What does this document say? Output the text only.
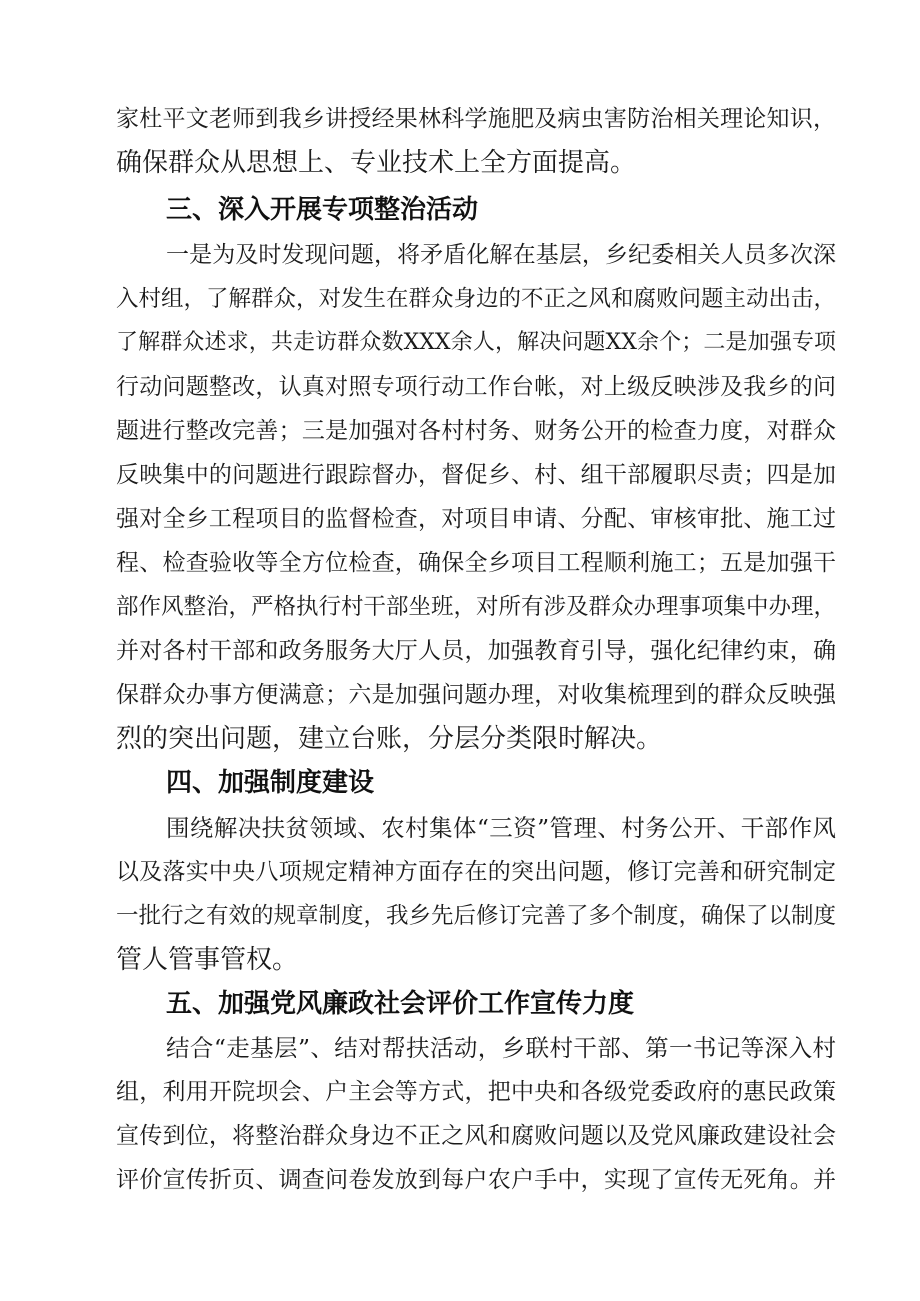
家杜平文老师到我乡讲授经果林科学施肥及病虫害防治相关理论知识，
确保群众从思想上、专业技术上全方面提高。
三、深入开展专项整治活动
一是为及时发现问题，将矛盾化解在基层，乡纪委相关人员多次深
入村组，了解群众，对发生在群众身边的不正之风和腐败问题主动出击，
了解群众述求，共走访群众数XXX余人，解决问题XX余个；二是加强专项
行动问题整改，认真对照专项行动工作台帐，对上级反映涉及我乡的问
题进行整改完善；三是加强对各村村务、财务公开的检查力度，对群众
反映集中的问题进行跟踪督办，督促乡、村、组干部履职尽责；四是加
强对全乡工程项目的监督检查，对项目申请、分配、审核审批、施工过
程、检查验收等全方位检查，确保全乡项目工程顺利施工；五是加强干
部作风整治，严格执行村干部坐班，对所有涉及群众办理事项集中办理，
并对各村干部和政务服务大厅人员，加强教育引导，强化纪律约束，确
保群众办事方便满意；六是加强问题办理，对收集梳理到的群众反映强
烈的突出问题，建立台账，分层分类限时解决。
四、加强制度建设
围绕解决扶贫领域、农村集体“三资”管理、村务公开、干部作风
以及落实中央八项规定精神方面存在的突出问题，修订完善和研究制定
一批行之有效的规章制度，我乡先后修订完善了多个制度，确保了以制度
管人管事管权。
五、加强党风廉政社会评价工作宣传力度
结合“走基层”、结对帮扶活动，乡联村干部、第一书记等深入村
组，利用开院坝会、户主会等方式，把中央和各级党委政府的惠民政策
宣传到位，将整治群众身边不正之风和腐败问题以及党风廉政建设社会
评价宣传折页、调查问卷发放到每户农户手中，实现了宣传无死角。并
